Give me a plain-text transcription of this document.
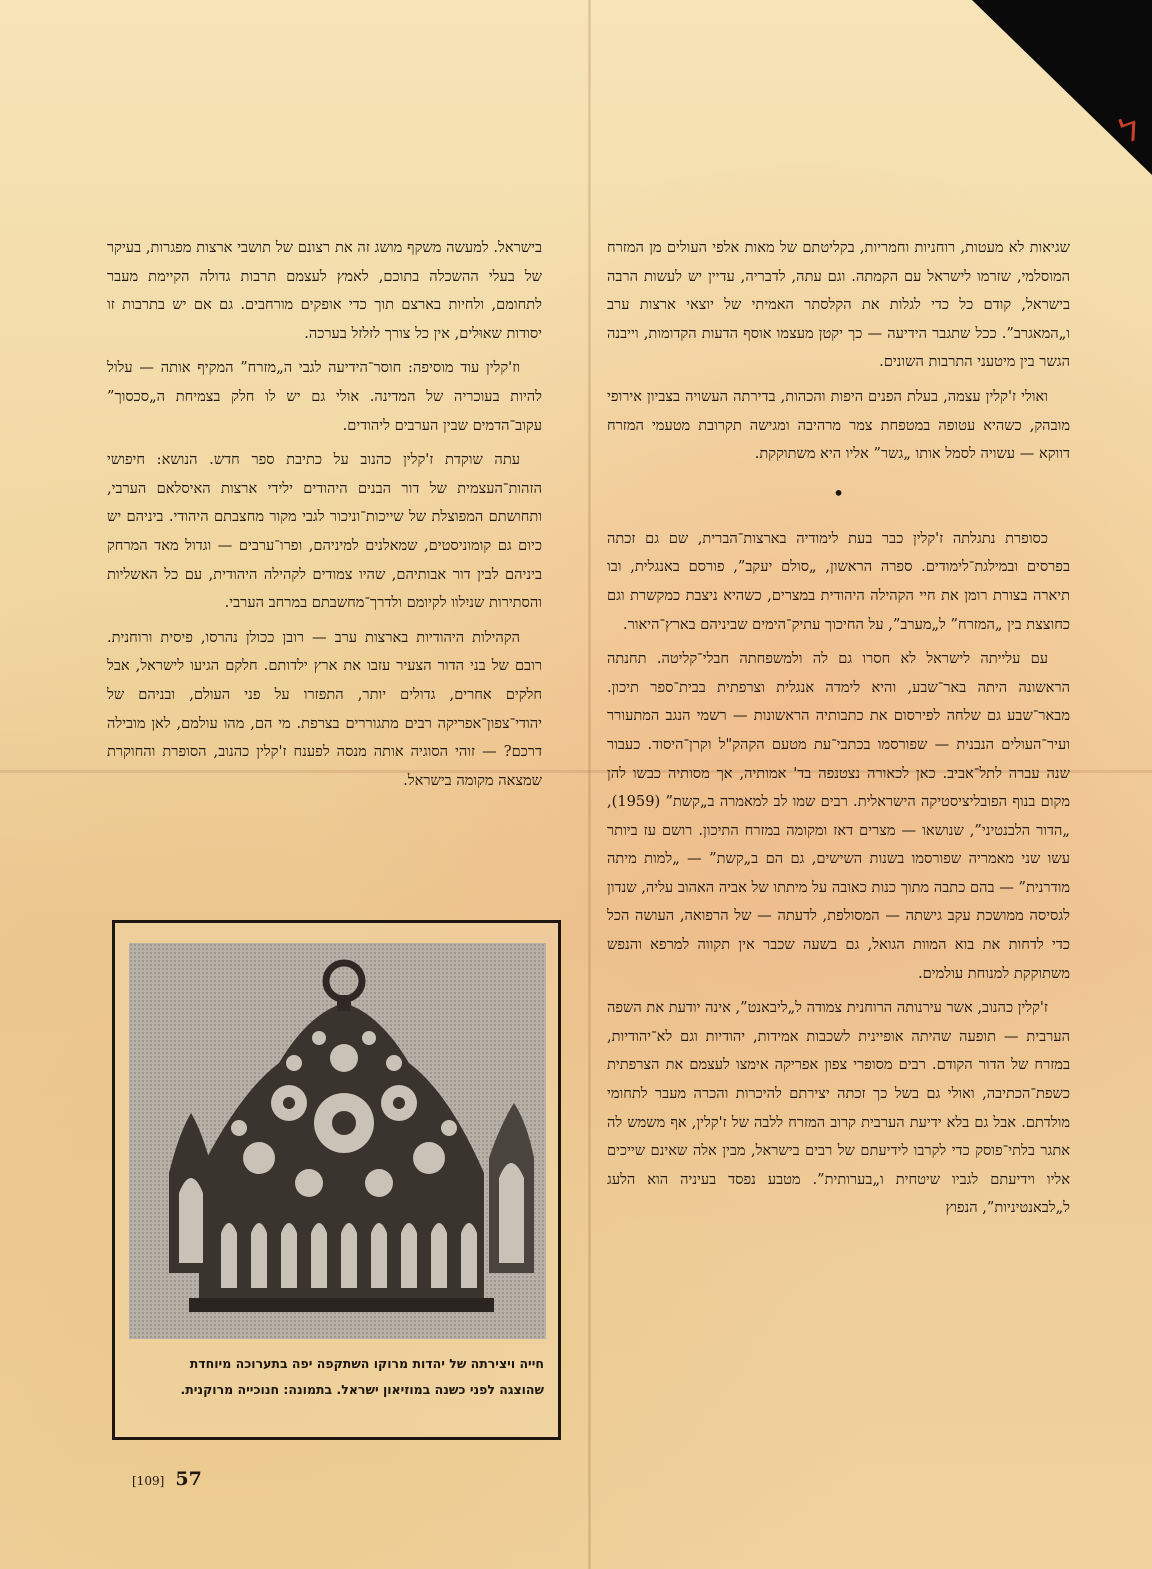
ל

שגיאות לא מעטות, רוחניות וחמריות, בקליטתם של מאות אלפי העולים מן המזרח המוסלמי, שזרמו לישראל עם הקמתה. וגם עתה, לדבריה, עדיין יש לעשות הרבה בישראל, קודם כל כדי לגלות את הקלסתר האמיתי של יוצאי ארצות ערב ו„המאגרב”. ככל שתגבר הידיעה — כך יקטן מעצמו אוסף הדעות הקדומות, וייבנה הגשר בין מיטעני התרבות השונים.

ואולי ז'קלין עצמה, בעלת הפנים היפות והכהות, בדירתה העשויה בצביון אירופי מובהק, כשהיא עטופה במטפחת צמר מרהיבה ומגישה תקרובת מטעמי המזרח דווקא — עשויה לסמל אותו „גשר” אליו היא משתוקקת.

•

כסופרת נתגלתה ז'קלין כבר בעת לימודיה בארצות־הברית, שם גם זכתה בפרסים ובמילגת־לימודים. ספרה הראשון, „סולם יעקב”, פורסם באנגלית, ובו תיארה בצורת רומן את חיי הקהילה היהודית במצרים, כשהיא ניצבת כמקשרת וגם כחוצצת בין „המזרח” ל„מערב”, על החיכוך עתיק־הימים שביניהם בארץ־היאור.

עם עלייתה לישראל לא חסרו גם לה ולמשפחתה חבלי־קליטה. תחנתה הראשונה היתה באר־שבע, והיא לימדה אנגלית וצרפתית בבית־ספר תיכון. מבאר־שבע גם שלחה לפירסום את כתבותיה הראשונות — רשמי הנגב המתעורר ועיר־העולים הנבנית — שפורסמו בכתבי־עת מטעם הקהק"ל וקרן־היסוד. כעבור שנה עברה לתל־אביב. כאן לכאורה נצטנפה בד' אמותיה, אך מסותיה כבשו להן מקום בנוף הפובליציסטיקה הישראלית. רבים שמו לב למאמרה ב„קשת” (1959), „הדור הלבנטיני”, שנושאו — מצרים דאז ומקומה במזרח התיכון. רושם עז ביותר עשו שני מאמריה שפורסמו בשנות השישים, גם הם ב„קשת” — „למות מיתה מודרנית” — בהם כתבה מתוך כנות כאובה על מיתתו של אביה האהוב עליה, שנדון לגסיסה ממושכת עקב גישתה — המסולפת, לדעתה — של הרפואה, העושה הכל כדי לדחות את בוא המוות הגואל, גם בשעה שכבר אין תקווה למרפא והנפש משתוקקת למנוחת עולמים.

ז'קלין כהנוב, אשר עירנותה הרוחנית צמודה ל„ליבאנט”, אינה יודעת את השפה הערבית — תופעה שהיתה אופיינית לשכבות אמידות, יהודיות וגם לא־יהודיות, במזרח של הדור הקודם. רבים מסופרי צפון אפריקה אימצו לעצמם את הצרפתית כשפת־הכתיבה, ואולי גם בשל כך זכתה יצירתם להיכרות והכרה מעבר לתחומי מולדתם. אבל גם בלא ידיעת הערבית קרוב המזרח ללבה של ז'קלין, אף משמש לה אתגר בלתי־פוסק כדי לקרבו לידיעתם של רבים בישראל, מבין אלה שאינם שייכים אליו וידיעתם לגביו שיטחית ו„בערותית”. מטבע נפסד בעיניה הוא הלעג ל„לבאנטיניות”, הנפוץ

בישראל. למעשה משקף מושג זה את רצונם של תושבי ארצות מפגרות, בעיקר של בעלי ההשכלה בתוכם, לאמץ לעצמם תרבות גדולה הקיימת מעבר לתחומם, ולחיות בארצם תוך כדי אופקים מורחבים. גם אם יש בתרבות זו יסודות שאוּלים, אין כל צורך לזלזל בערכה.

וז'קלין עוד מוסיפה: חוסר־הידיעה לגבי ה„מזרח” המקיף אותה — עלול להיות בעוכריה של המדינה. אולי גם יש לו חלק בצמיחת ה„סכסוך” עקוב־הדמים שבין הערבים ליהודים.

עתה שוקדת ז'קלין כהנוב על כתיבת ספר חדש. הנושא: חיפושי הזהות־העצמית של דור הבנים היהודים ילידי ארצות האיסלאם הערבי, ותחושתם המפוצלת של שייכות־וניכור לגבי מקור מחצבתם היהודי. ביניהם יש כיום גם קומוניסטים, שמאלנים למיניהם, ופרו־ערבים — וגדול מאד המרחק ביניהם לבין דור אבותיהם, שהיו צמודים לקהילה היהודית, עם כל האשליות והסתירות שניִלוו לקיומם ולדרך־מחשבתם במרחב הערבי.

הקהילות היהודיות בארצות ערב — רובן ככולן נהרסו, פיסית ורוחנית. רובם של בני הדור הצעיר עזבו את ארץ ילדותם. חלקם הגיעו לישראל, אבל חלקים אחרים, גדולים יותר, התפזרו על פני העולם, ובניהם של יהודי־צפון־אפריקה רבים מתגוררים בצרפת. מי הם, מהו עולמם, לאן מובילה דרכם? — זוהי הסוגיה אותה מנסה לפענח ז'קלין כהנוב, הסופרת והחוקרת שמצאה מקומה בישראל.

חייה ויצירתה של יהדות מרוקו השתקפה יפה בתערוכה מיוחדת
שהוצגה לפני כשנה במוזיאון ישראל. בתמונה: חנוכייה מרוקנית.
[109] 57
